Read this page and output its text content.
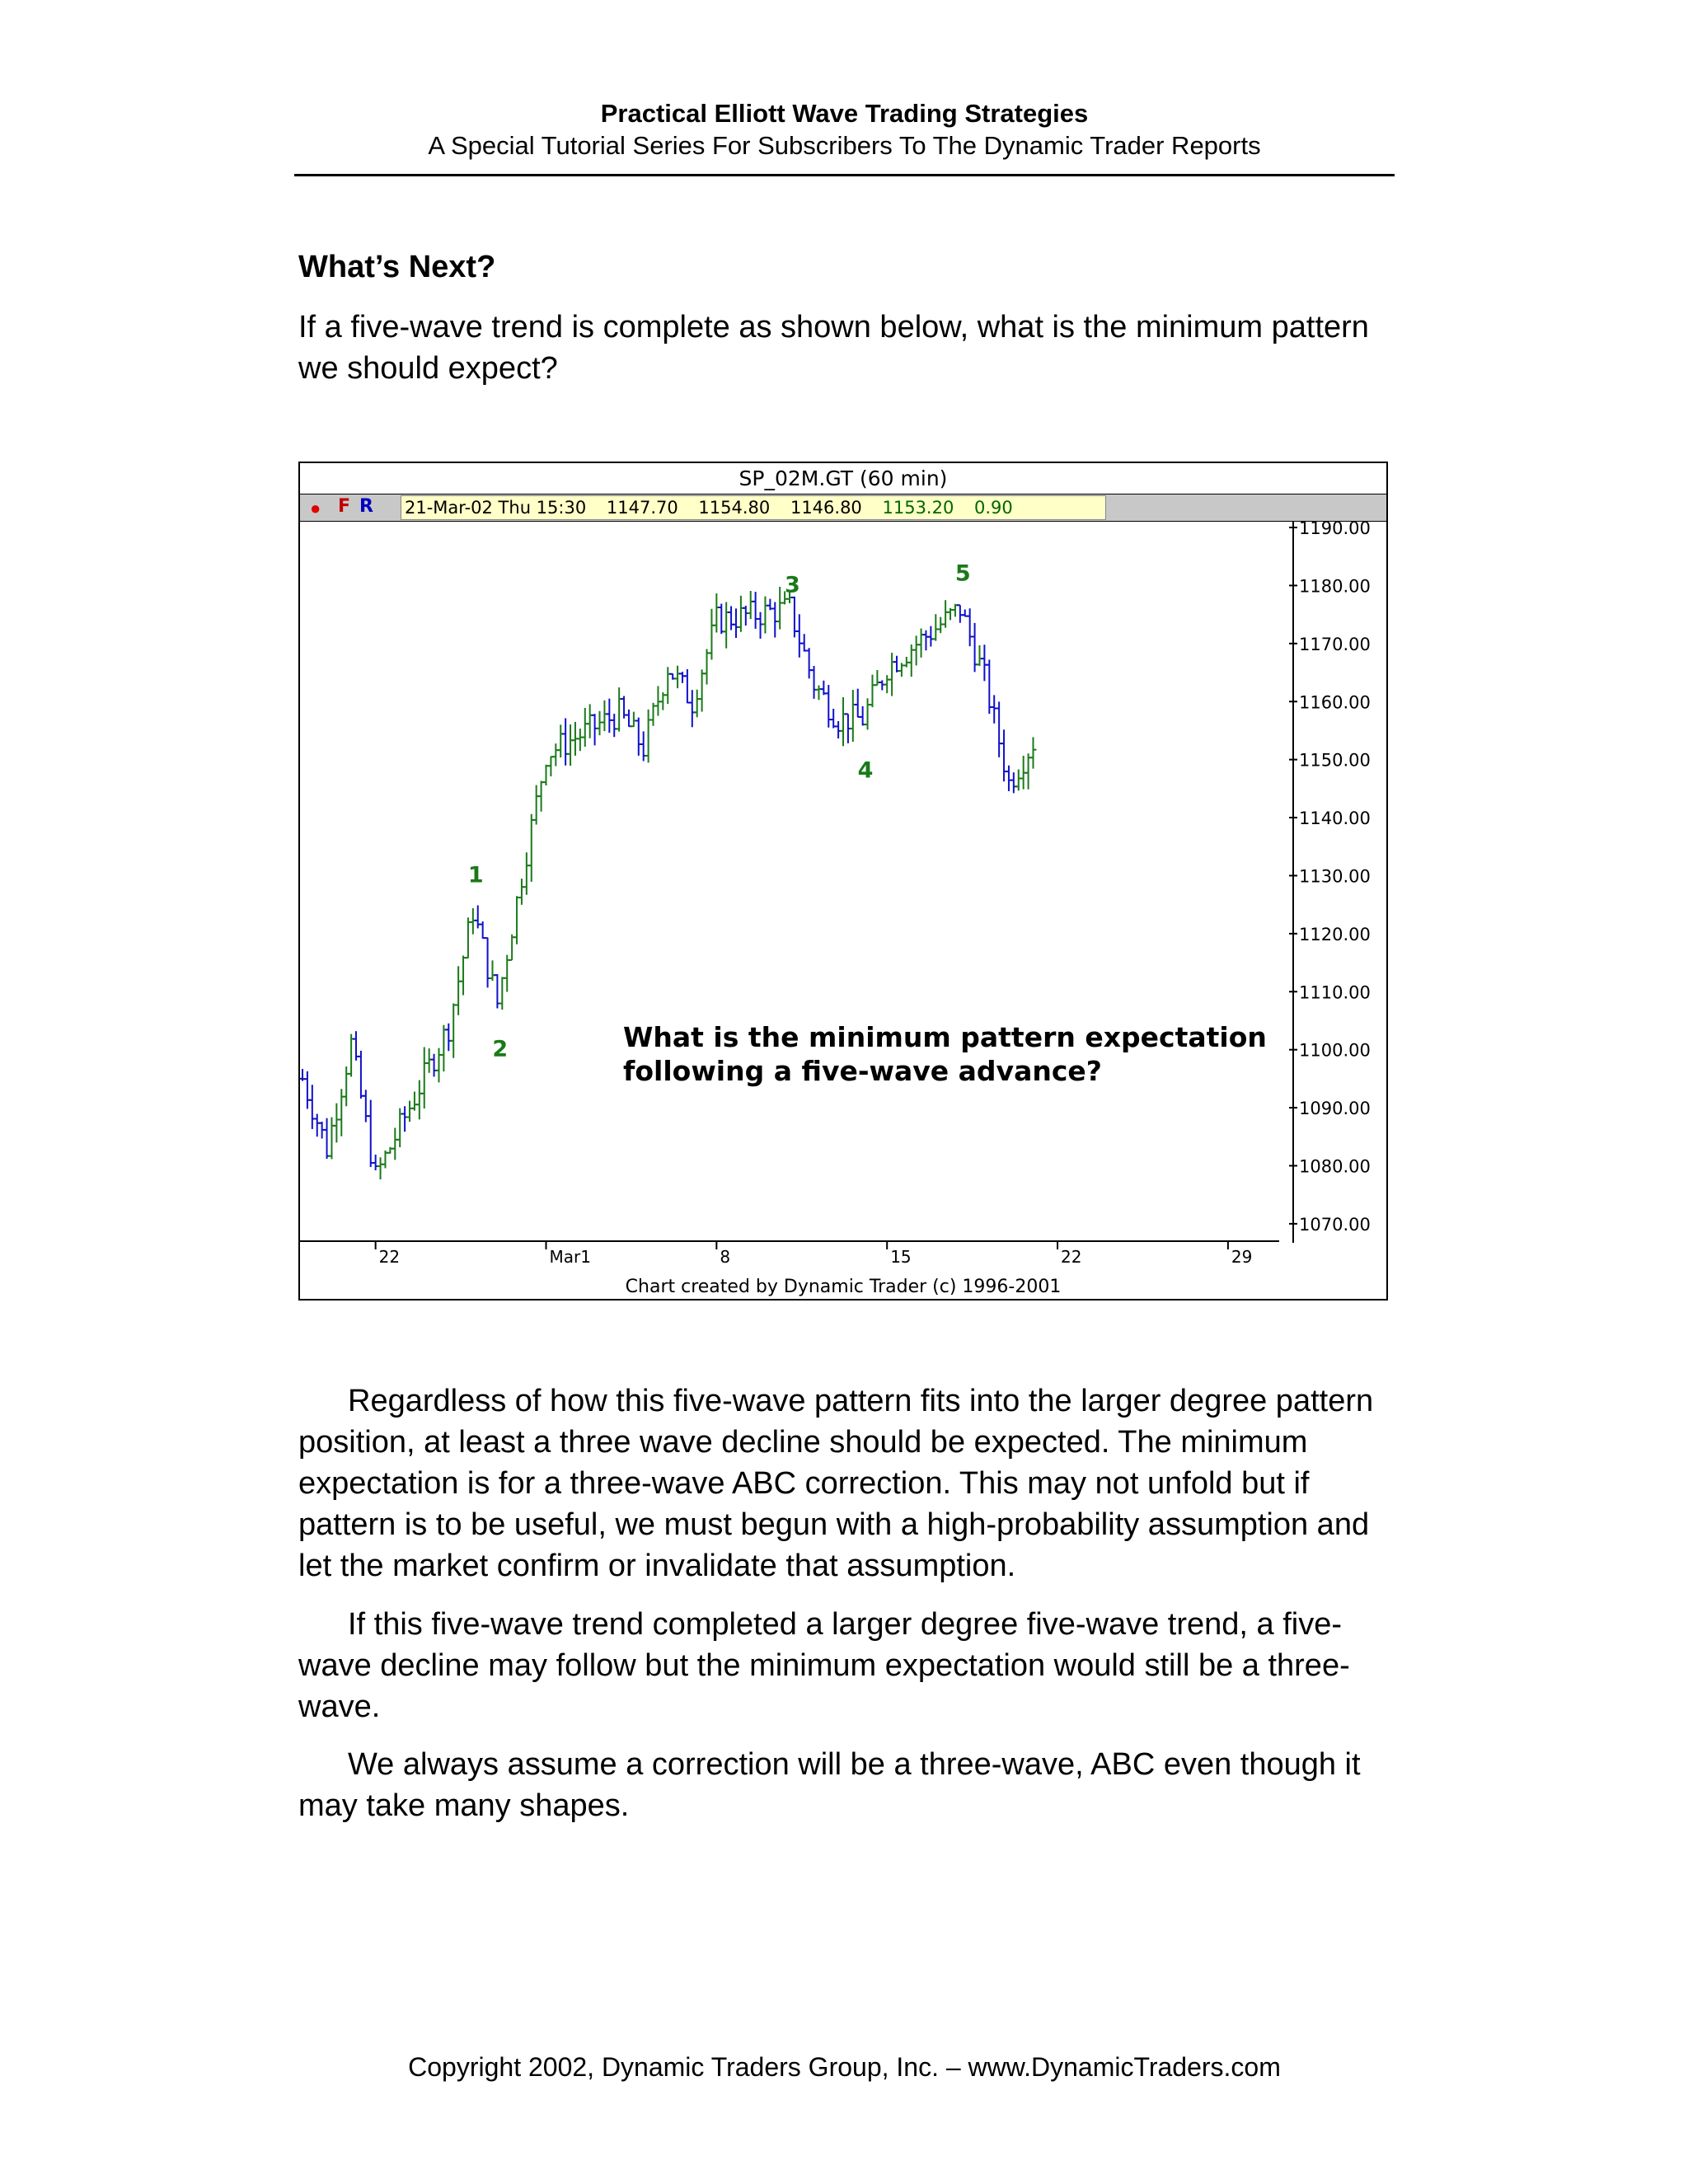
Practical Elliott Wave Trading Strategies
A Special Tutorial Series For Subscribers To The Dynamic Trader Reports
What’s Next?
If a five-wave trend is complete as shown below, what is the minimum pattern we should expect?
SP_02M.GT (60 min)
● F R 21-Mar-02 Thu 15:30 1147.70 1154.80 1146.80 1153.20 0.90
1
2
3
4
5
1190.00
1180.00
1170.00
1160.00
1150.00
1140.00
1130.00
1120.00
1110.00
1100.00
1090.00
1080.00
1070.00
22	Mar1	8	15	22	29
What is the minimum pattern expectation
following a five-wave advance?
Chart created by Dynamic Trader (c) 1996-2001

Regardless of how this five-wave pattern fits into the larger degree pattern position, at least a three wave decline should be expected. The minimum expectation is for a three-wave ABC correction. This may not unfold but if pattern is to be useful, we must begun with a high-probability assumption and let the market confirm or invalidate that assumption.

If this five-wave trend completed a larger degree five-wave trend, a five-wave decline may follow but the minimum expectation would still be a three-wave.

We always assume a correction will be a three-wave, ABC even though it may take many shapes.

Copyright 2002, Dynamic Traders Group, Inc. – www.DynamicTraders.com
